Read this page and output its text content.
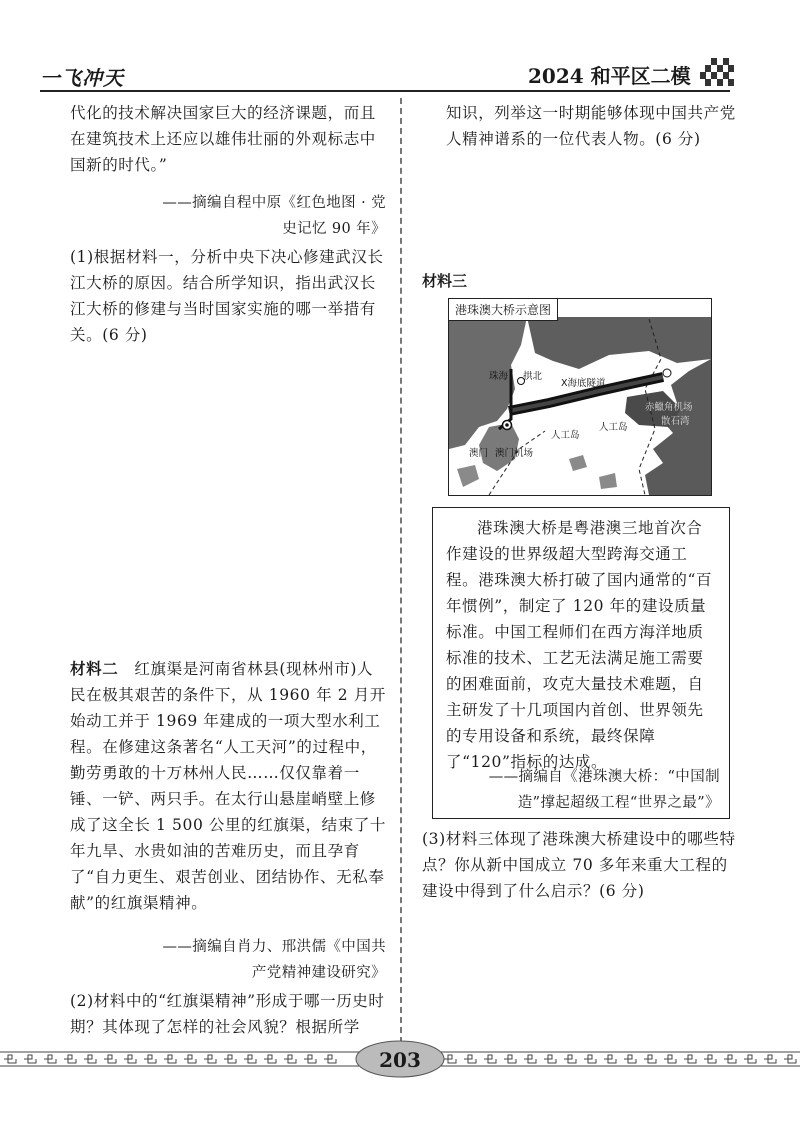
一飞冲天	2024 和平区二模

代化的技术解决国家巨大的经济课题，而且在建筑技术上还应以雄伟壮丽的外观标志中国新的时代。”

——摘编自程中原《红色地图 · 党史记忆 90 年》

(1)根据材料一，分析中央下决心修建武汉长江大桥的原因。结合所学知识，指出武汉长江大桥的修建与当时国家实施的哪一举措有关。(6 分)

材料二　 红旗渠是河南省林县(现林州市)人民在极其艰苦的条件下，从 1960 年 2 月开始动工并于 1969 年建成的一项大型水利工程。在修建这条著名“人工天河”的过程中，勤劳勇敢的十万林州人民……仅仅靠着一锤、一铲、两只手。在太行山悬崖峭壁上修成了这全长 1 500 公里的红旗渠，结束了十年九旱、水贵如油的苦难历史，而且孕育了“自力更生、艰苦创业、团结协作、无私奉献”的红旗渠精神。

——摘编自肖力、邢洪儒《中国共产党精神建设研究》

(2)材料中的“红旗渠精神”形成于哪一历史时期？其体现了怎样的社会风貌？根据所学

知识，列举这一时期能够体现中国共产党人精神谱系的一位代表人物。(6 分)

材料三
港珠澳大桥示意图
珠海 拱北
X海底隧道
人工岛
人工岛
澳门 澳门机场
赤鱲角机场
散石湾

港珠澳大桥是粤港澳三地首次合作建设的世界级超大型跨海交通工程。港珠澳大桥打破了国内通常的“百年惯例”，制定了 120 年的建设质量标准。中国工程师们在西方海洋地质标准的技术、工艺无法满足施工需要的困难面前，攻克大量技术难题，自主研发了十几项国内首创、世界领先的专用设备和系统，最终保障了“120”指标的达成。

——摘编自《港珠澳大桥：“中国制造”撑起超级工程“世界之最”》

(3)材料三体现了港珠澳大桥建设中的哪些特点？你从新中国成立 70 多年来重大工程的建设中得到了什么启示？(6 分)

203
